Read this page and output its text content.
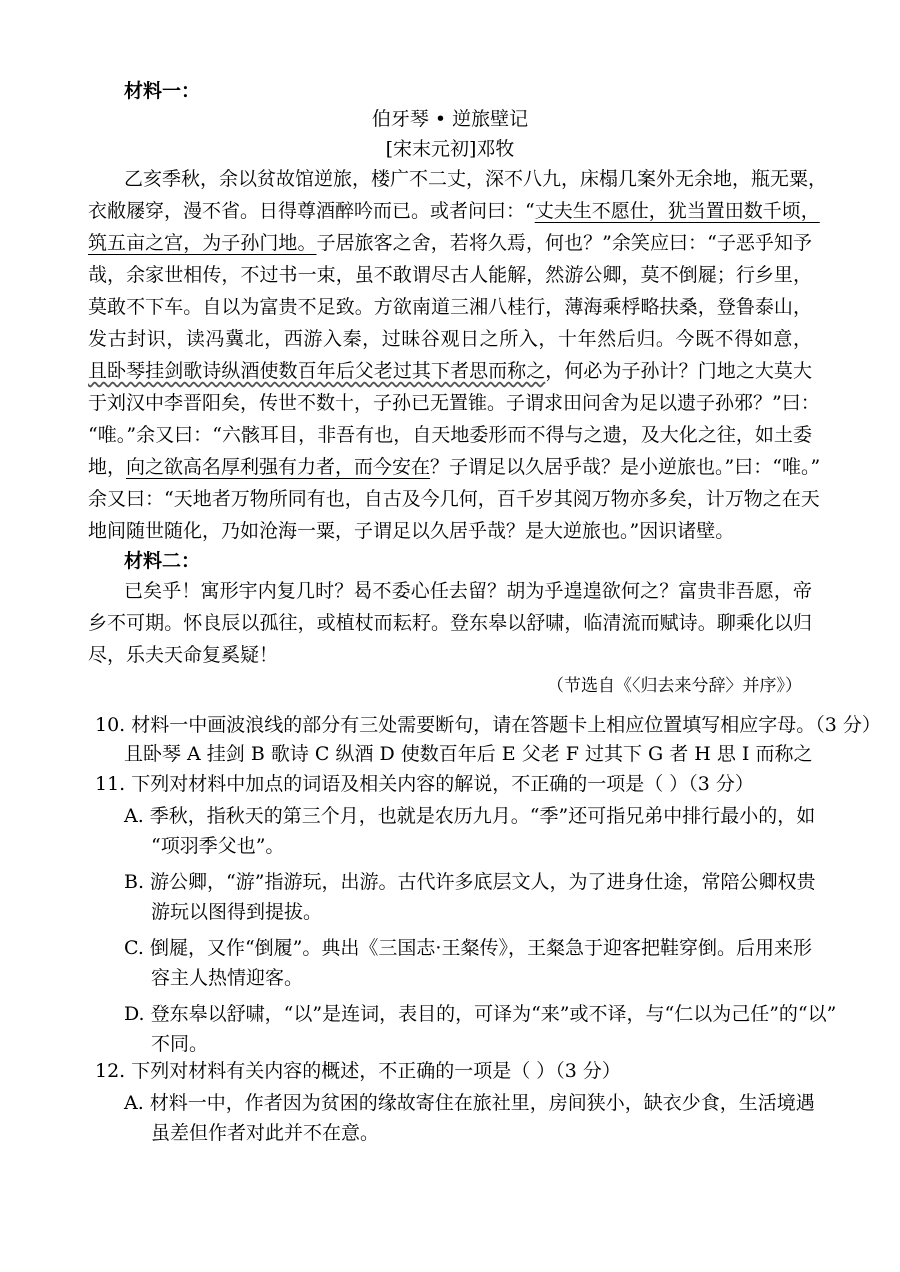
材料一：
伯牙琴 • 逆旅壁记
[宋末元初]邓牧
乙亥季秋，余以贫故馆逆旅，楼广不二丈，深不八九，床榻几案外无余地，瓶无粟，
衣敝屦穿，漫不省。日得尊酒醉吟而已。或者问曰：“丈夫生不愿仕，犹当置田数千顷，
筑五亩之宫，为子孙门地。子居旅客之舍，若将久焉，何也？”余笑应曰：“子恶乎知予
哉，余家世相传，不过书一束，虽不敢谓尽古人能解，然游公卿，莫不倒屣；行乡里，
莫敢不下车。自以为富贵不足致。方欲南道三湘八桂行，薄海乘桴略扶桑，登鲁泰山，
发古封识，读冯冀北，西游入秦，过昧谷观日之所入，十年然后归。今既不得如意，
且卧琴挂剑歌诗纵酒使数百年后父老过其下者思而称之，何必为子孙计？门地之大莫大
于刘汉中李晋阳矣，传世不数十，子孙已无置锥。子谓求田问舍为足以遗子孙邪？”曰：
“唯。”余又曰：“六骸耳目，非吾有也，自天地委形而不得与之遗，及大化之往，如土委
地，向之欲高名厚利强有力者，而今安在？子谓足以久居乎哉？是小逆旅也。”曰：“唯。”
余又曰：“天地者万物所同有也，自古及今几何，百千岁其阅万物亦多矣，计万物之在天
地间随世随化，乃如沧海一粟，子谓足以久居乎哉？是大逆旅也。”因识诸壁。
材料二：
已矣乎！寓形宇内复几时？曷不委心任去留？胡为乎遑遑欲何之？富贵非吾愿，帝
乡不可期。怀良辰以孤往，或植杖而耘耔。登东皋以舒啸，临清流而赋诗。聊乘化以归
尽，乐夫天命复奚疑！
（节选自《〈归去来兮辞〉并序》）
10. 材料一中画波浪线的部分有三处需要断句，请在答题卡上相应位置填写相应字母。（3 分）
且卧琴 A 挂剑 B 歌诗 C 纵酒 D 使数百年后 E 父老 F 过其下 G 者 H 思 I 而称之
11. 下列对材料中加点的词语及相关内容的解说，不正确的一项是（ ）（3 分）
A. 季秋，指秋天的第三个月，也就是农历九月。“季”还可指兄弟中排行最小的，如
“项羽季父也”。
B. 游公卿，“游”指游玩，出游。古代许多底层文人，为了进身仕途，常陪公卿权贵
游玩以图得到提拔。
C. 倒屣，又作“倒履”。典出《三国志·王粲传》，王粲急于迎客把鞋穿倒。后用来形
容主人热情迎客。
D. 登东皋以舒啸，“以”是连词，表目的，可译为“来”或不译，与“仁以为己任”的“以”
不同。
12. 下列对材料有关内容的概述，不正确的一项是（ ）（3 分）
A. 材料一中，作者因为贫困的缘故寄住在旅社里，房间狭小，缺衣少食，生活境遇
虽差但作者对此并不在意。
